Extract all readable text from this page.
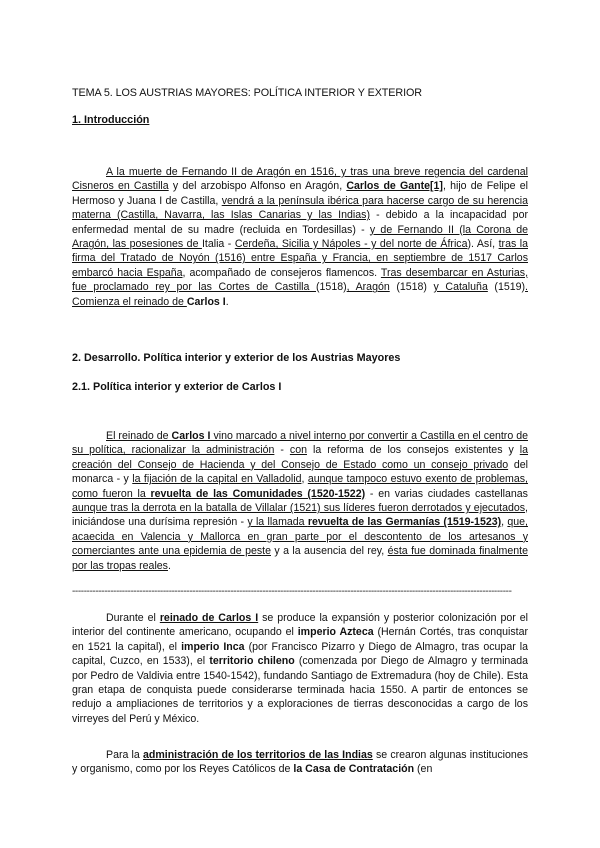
TEMA 5. LOS AUSTRIAS MAYORES: POLÍTICA INTERIOR Y EXTERIOR

1. Introducción

A la muerte de Fernando II de Aragón en 1516, y tras una breve regencia del cardenal Cisneros en Castilla y del arzobispo Alfonso en Aragón, Carlos de Gante[1], hijo de Felipe el Hermoso y Juana I de Castilla, vendrá a la península ibérica para hacerse cargo de su herencia materna (Castilla, Navarra, las Islas Canarias y las Indias) - debido a la incapacidad por enfermedad mental de su madre (recluida en Tordesillas) - y de Fernando II (la Corona de Aragón, las posesiones de Italia - Cerdeña, Sicilia y Nápoles - y del norte de África). Así, tras la firma del Tratado de Noyón (1516) entre España y Francia, en septiembre de 1517 Carlos embarcó hacia España, acompañado de consejeros flamencos. Tras desembarcar en Asturias, fue proclamado rey por las Cortes de Castilla (1518), Aragón (1518) y Cataluña (1519). Comienza el reinado de Carlos I.

2. Desarrollo. Política interior y exterior de los Austrias Mayores

2.1. Política interior y exterior de Carlos I

El reinado de Carlos I vino marcado a nivel interno por convertir a Castilla en el centro de su política, racionalizar la administración - con la reforma de los consejos existentes y la creación del Consejo de Hacienda y del Consejo de Estado como un consejo privado del monarca - y la fijación de la capital en Valladolid, aunque tampoco estuvo exento de problemas, como fueron la revuelta de las Comunidades (1520-1522) - en varias ciudades castellanas aunque tras la derrota en la batalla de Villalar (1521) sus líderes fueron derrotados y ejecutados, iniciándose una durísima represión - y la llamada revuelta de las Germanías (1519-1523), que, acaecida en Valencia y Mallorca en gran parte por el descontento de los artesanos y comerciantes ante una epidemia de peste y a la ausencia del rey, ésta fue dominada finalmente por las tropas reales.

------------------------------------------------------------------------------------------------------------------------------------------------------

Durante el reinado de Carlos I se produce la expansión y posterior colonización por el interior del continente americano, ocupando el imperio Azteca (Hernán Cortés, tras conquistar en 1521 la capital), el imperio Inca (por Francisco Pizarro y Diego de Almagro, tras ocupar la capital, Cuzco, en 1533), el territorio chileno (comenzada por Diego de Almagro y terminada por Pedro de Valdivia entre 1540-1542), fundando Santiago de Extremadura (hoy de Chile). Esta gran etapa de conquista puede considerarse terminada hacia 1550. A partir de entonces se redujo a ampliaciones de territorios y a exploraciones de tierras desconocidas a cargo de los virreyes del Perú y México.

Para la administración de los territorios de las Indias se crearon algunas instituciones y organismo, como por los Reyes Católicos de la Casa de Contratación (en
